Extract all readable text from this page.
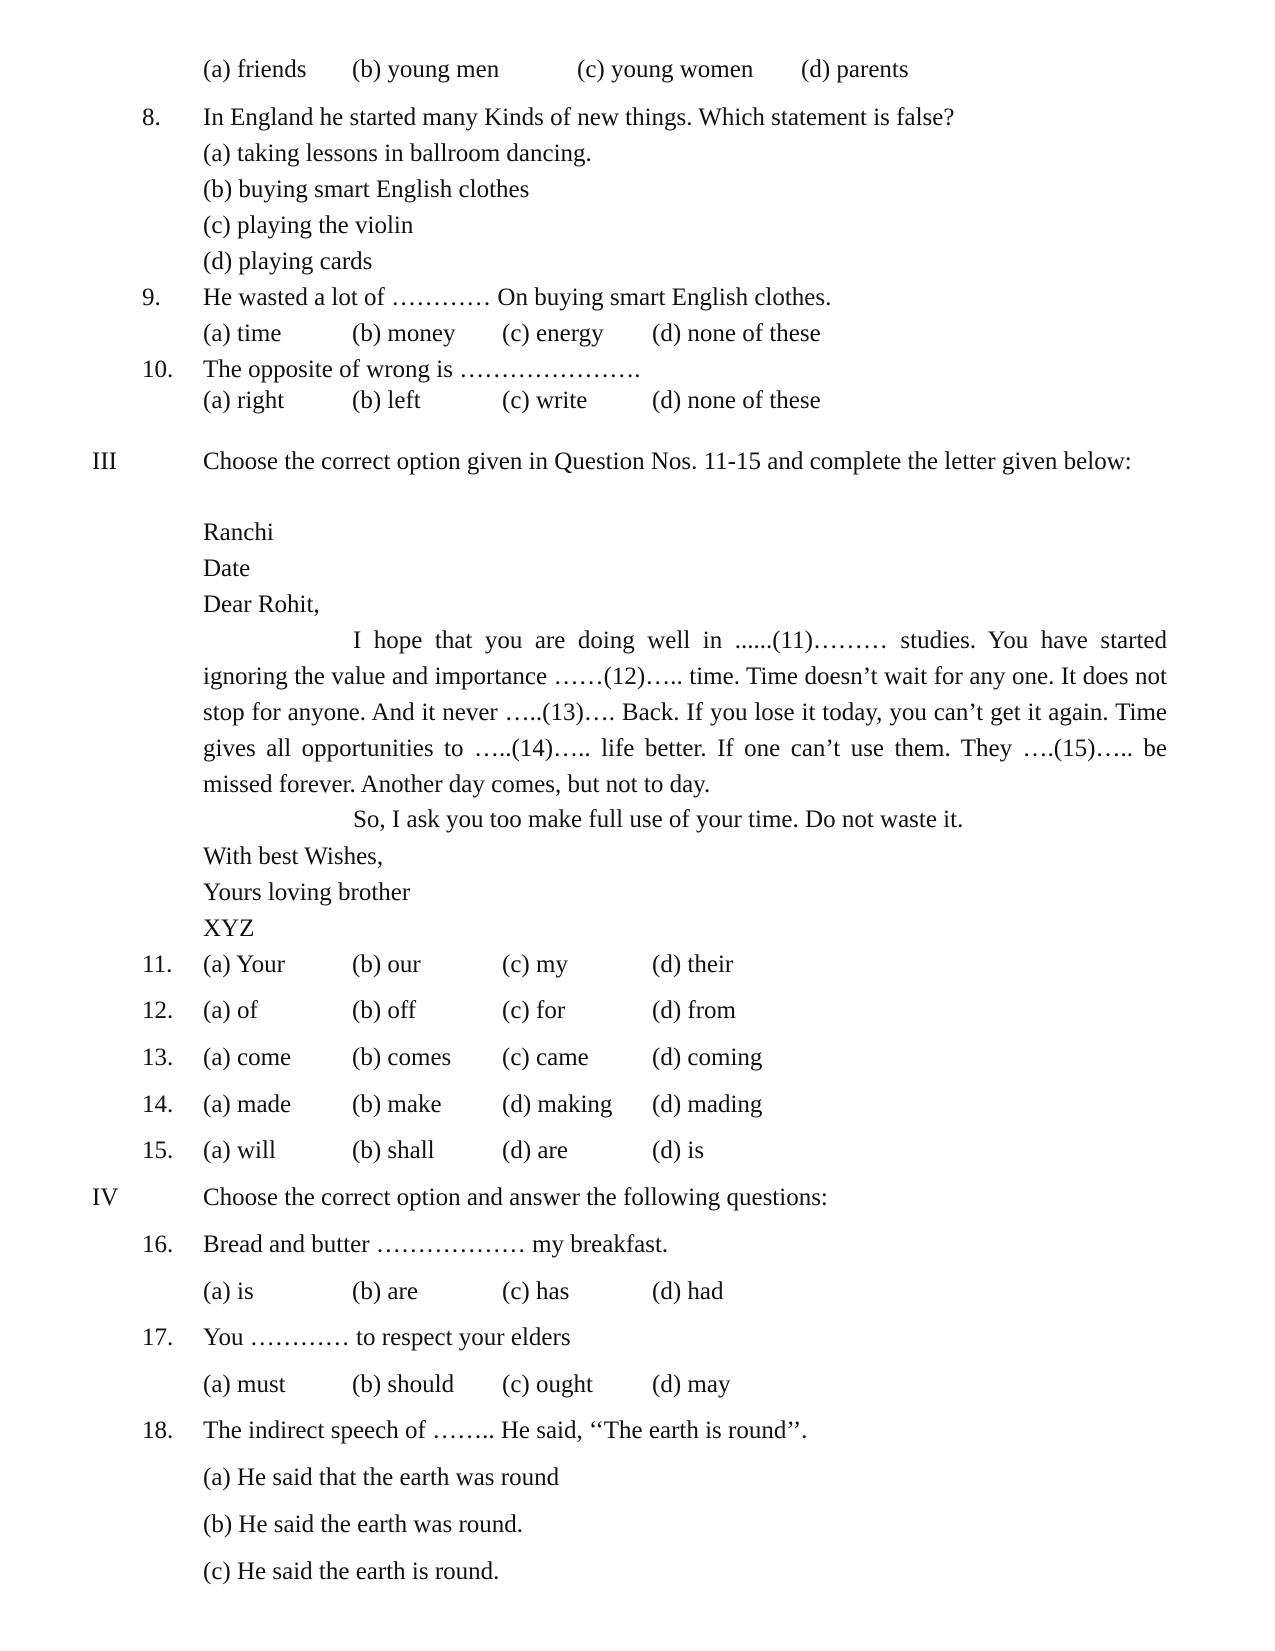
(a) friends (b) young men	(c) young women (d) parents
8. In England he started many Kinds of new things. Which statement is false?
(a) taking lessons in ballroom dancing.
(b) buying smart English clothes
(c) playing the violin
(d) playing cards
9. He wasted a lot of ………… On buying smart English clothes.
(a) time	(b) money (c) energy (d) none of these
10. The opposite of wrong is ………………….
(a) right	(b) left	(c) write	(d) none of these
III	Choose the correct option given in Question Nos. 11-15 and complete the letter given below:
Ranchi
Date
Dear Rohit,
I hope that you are doing well in ......(11)……… studies. You have started ignoring the value and importance ……(12)….. time. Time doesn’t wait for any one. It does not stop for anyone. And it never …..(13)…. Back. If you lose it today, you can’t get it again. Time gives all opportunities to …..(14)….. life better. If one can’t use them. They ….(15)….. be missed forever. Another day comes, but not to day.
So, I ask you too make full use of your time. Do not waste it.
With best Wishes,
Yours loving brother
XYZ
11. (a) Your	(b) our	(c) my	(d) their
12. (a) of	(b) off	(c) for	(d) from
13. (a) come (b) comes (c) came	(d) coming
14. (a) made (b) make (d) making (d) mading
15. (a) will	(b) shall	(d) are	(d) is
IV	Choose the correct option and answer the following questions:
16. Bread and butter ……………… my breakfast.
(a) is	(b) are	(c) has	(d) had
17. You ………… to respect your elders
(a) must	(b) should (c) ought (d) may
18. The indirect speech of …….. He said, ‘‘The earth is round’’.
(a) He said that the earth was round
(b) He said the earth was round.
(c) He said the earth is round.
